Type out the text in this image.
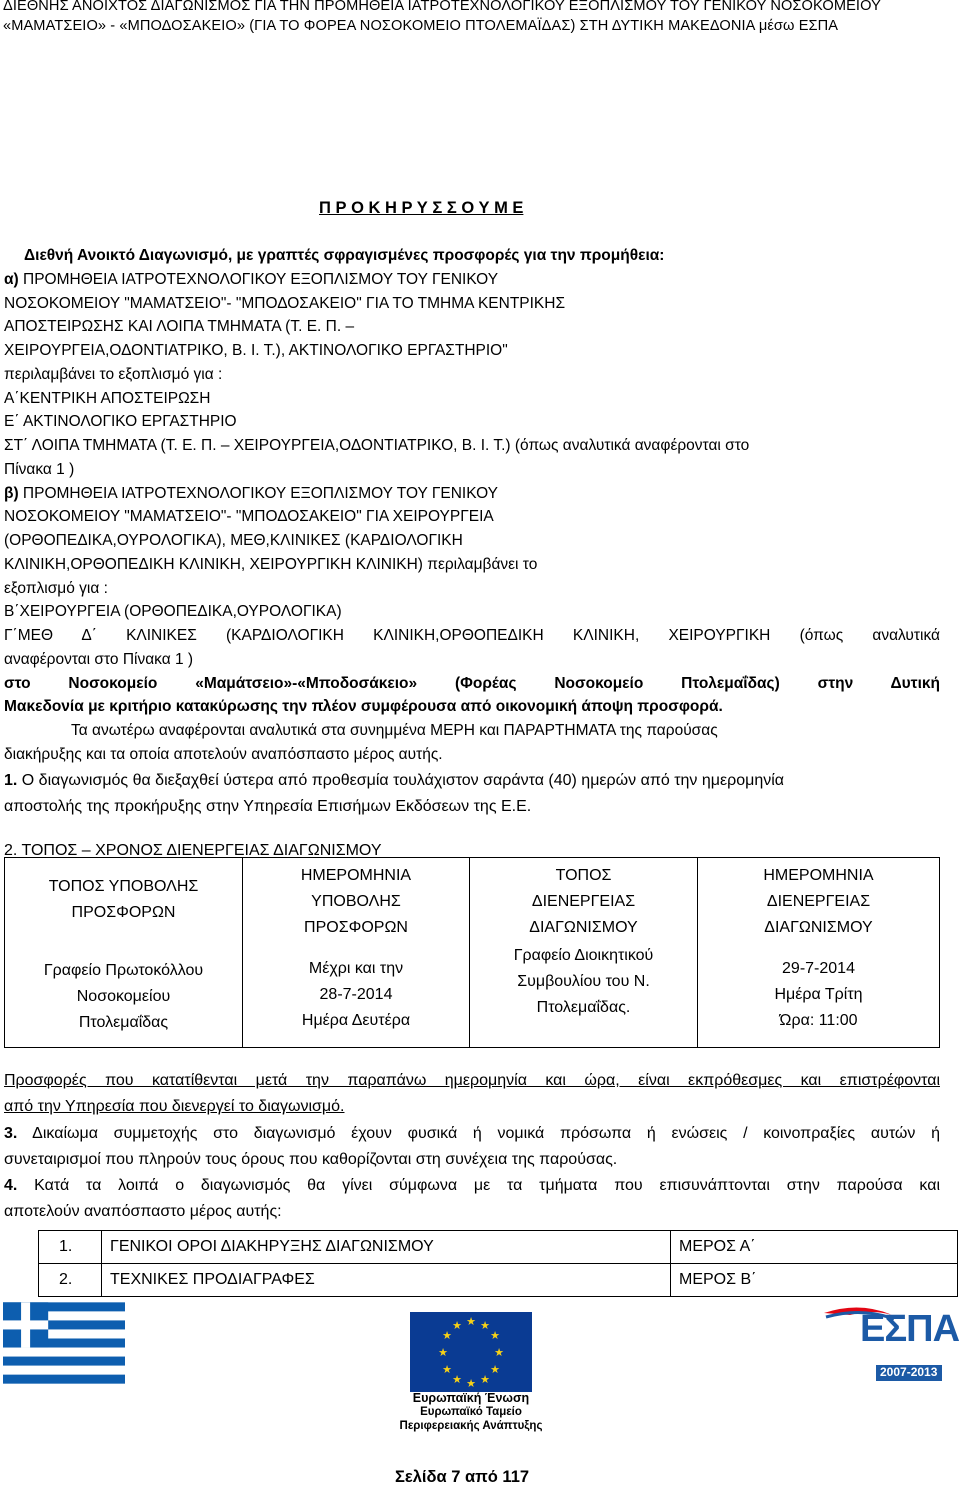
ΔΙΕΘΝΗΣ ΑΝΟΙΧΤΟΣ ΔΙΑΓΩΝΙΣΜΟΣ ΓΙΑ ΤΗΝ ΠΡΟΜΗΘΕΙΑ ΙΑΤΡΟΤΕΧΝΟΛΟΓΙΚΟΥ ΕΞΟΠΛΙΣΜΟΥ ΤΟΥ ΓΕΝΙΚΟΥ ΝΟΣΟΚΟΜΕΙΟΥ
«ΜΑΜΑΤΣΕΙΟ» - «ΜΠΟΔΟΣΑΚΕΙΟ» (ΓΙΑ ΤΟ ΦΟΡΕΑ ΝΟΣΟΚΟΜΕΙΟ ΠΤΟΛΕΜΑΪΔΑΣ) ΣΤΗ ΔΥΤΙΚΗ ΜΑΚΕΔΟΝΙΑ μέσω ΕΣΠΑ
Π Ρ Ο Κ Η Ρ Υ Σ Σ Ο Υ Μ Ε
Διεθνή Ανοικτό Διαγωνισμό, με γραπτές σφραγισμένες προσφορές για την προμήθεια:
α) ΠΡΟΜΗΘΕΙΑ ΙΑΤΡΟΤΕΧΝΟΛΟΓΙΚΟΥ ΕΞΟΠΛΙΣΜΟΥ ΤΟΥ ΓΕΝΙΚΟΥ
ΝΟΣΟΚΟΜΕΙΟΥ "ΜΑΜΑΤΣΕΙΟ"- "ΜΠΟΔΟΣΑΚΕΙΟ" ΓΙΑ ΤΟ ΤΜΗΜΑ ΚΕΝΤΡΙΚΗΣ
ΑΠΟΣΤΕΙΡΩΣΗΣ ΚΑΙ ΛΟΙΠΑ ΤΜΗΜΑΤΑ (Τ. Ε. Π. –
ΧΕΙΡΟΥΡΓΕΙΑ,ΟΔΟΝΤΙΑΤΡΙΚΟ, Β. Ι. Τ.), ΑΚΤΙΝΟΛΟΓΙΚΟ ΕΡΓΑΣΤΗΡΙΟ"
περιλαμβάνει το εξοπλισμό για :
Α΄ΚΕΝΤΡΙΚΗ ΑΠΟΣΤΕΙΡΩΣΗ
Ε΄ ΑΚΤΙΝΟΛΟΓΙΚΟ ΕΡΓΑΣΤΗΡΙΟ
ΣΤ΄ ΛΟΙΠΑ ΤΜΗΜΑΤΑ (Τ. Ε. Π. – ΧΕΙΡΟΥΡΓΕΙΑ,ΟΔΟΝΤΙΑΤΡΙΚΟ, Β. Ι. Τ.) (όπως αναλυτικά αναφέρονται στο
Πίνακα 1 )
β) ΠΡΟΜΗΘΕΙΑ ΙΑΤΡΟΤΕΧΝΟΛΟΓΙΚΟΥ ΕΞΟΠΛΙΣΜΟΥ ΤΟΥ ΓΕΝΙΚΟΥ
ΝΟΣΟΚΟΜΕΙΟΥ "ΜΑΜΑΤΣΕΙΟ"- "ΜΠΟΔΟΣΑΚΕΙΟ" ΓΙΑ ΧΕΙΡΟΥΡΓΕΙΑ
(ΟΡΘΟΠΕΔΙΚΑ,ΟΥΡΟΛΟΓΙΚΑ), ΜΕΘ,ΚΛΙΝΙΚΕΣ (ΚΑΡΔΙΟΛΟΓΙΚΗ
ΚΛΙΝΙΚΗ,ΟΡΘΟΠΕΔΙΚΗ ΚΛΙΝΙΚΗ, ΧΕΙΡΟΥΡΓΙΚΗ ΚΛΙΝΙΚΗ) περιλαμβάνει το
εξοπλισμό για :
Β΄ΧΕΙΡΟΥΡΓΕΙΑ (ΟΡΘΟΠΕΔΙΚΑ,ΟΥΡΟΛΟΓΙΚΑ)
Γ΄ΜΕΘ Δ΄ ΚΛΙΝΙΚΕΣ (ΚΑΡΔΙΟΛΟΓΙΚΗ ΚΛΙΝΙΚΗ,ΟΡΘΟΠΕΔΙΚΗ ΚΛΙΝΙΚΗ, ΧΕΙΡΟΥΡΓΙΚΗ (όπως αναλυτικά
αναφέρονται στο Πίνακα 1 )
στο Νοσοκομείο «Μαμάτσειο»-«Μποδοσάκειο» (Φορέας Νοσοκομείο Πτολεμαΐδας) στην Δυτική
Μακεδονία με κριτήριο κατακύρωσης την πλέον συμφέρουσα από οικονομική άποψη προσφορά.
Τα ανωτέρω αναφέρονται αναλυτικά στα συνημμένα ΜΕΡΗ και ΠΑΡΑΡΤΗΜΑΤΑ της παρούσας
διακήρυξης και τα οποία αποτελούν αναπόσπαστο μέρος αυτής.
1. Ο διαγωνισμός θα διεξαχθεί ύστερα από προθεσμία τουλάχιστον σαράντα (40) ημερών από την ημερομηνία
αποστολής της προκήρυξης στην Υπηρεσία Επισήμων Εκδόσεων της Ε.Ε.
2. ΤΟΠΟΣ – ΧΡΟΝΟΣ ΔΙΕΝΕΡΓΕΙΑΣ ΔΙΑΓΩΝΙΣΜΟΥ
ΤΟΠΟΣ ΥΠΟΒΟΛΗΣ
ΠΡΟΣΦΟΡΩΝ
Γραφείο Πρωτοκόλλου
Νοσοκομείου
Πτολεμαΐδας

ΗΜΕΡΟΜΗΝΙΑ
ΥΠΟΒΟΛΗΣ
ΠΡΟΣΦΟΡΩΝ
Μέχρι και την
28-7-2014
Ημέρα Δευτέρα

ΤΟΠΟΣ
ΔΙΕΝΕΡΓΕΙΑΣ
ΔΙΑΓΩΝΙΣΜΟΥ
Γραφείο Διοικητικού
Συμβουλίου του Ν.
Πτολεμαΐδας.

ΗΜΕΡΟΜΗΝΙΑ
ΔΙΕΝΕΡΓΕΙΑΣ
ΔΙΑΓΩΝΙΣΜΟΥ
29-7-2014
Ημέρα Τρίτη
Ώρα: 11:00
Προσφορές που κατατίθενται μετά την παραπάνω ημερομηνία και ώρα, είναι εκπρόθεσμες και επιστρέφονται
από την Υπηρεσία που διενεργεί το διαγωνισμό.
3. Δικαίωμα συμμετοχής στο διαγωνισμό έχουν φυσικά ή νομικά πρόσωπα ή ενώσεις / κοινοπραξίες αυτών ή
συνεταιρισμοί που πληρούν τους όρους που καθορίζονται στη συνέχεια της παρούσας.
4. Κατά τα λοιπά ο διαγωνισμός θα γίνει σύμφωνα με τα τμήματα που επισυνάπτονται στην παρούσα και
αποτελούν αναπόσπαστο μέρος αυτής:
1.	ΓΕΝΙΚΟΙ ΟΡΟΙ ΔΙΑΚΗΡΥΞΗΣ ΔΙΑΓΩΝΙΣΜΟΥ	ΜΕΡΟΣ Α΄
2.	ΤΕΧΝΙΚΕΣ ΠΡΟΔΙΑΓΡΑΦΕΣ	ΜΕΡΟΣ Β΄
★ ★
★
★
★
★
★
★
★
★
★
★
Ευρωπαϊκή Ένωση
Ευρωπαϊκό Ταμείο
Περιφερειακής Ανάπτυξης
ΕΣΠΑ
2007-2013
Σελίδα 7 από 117
